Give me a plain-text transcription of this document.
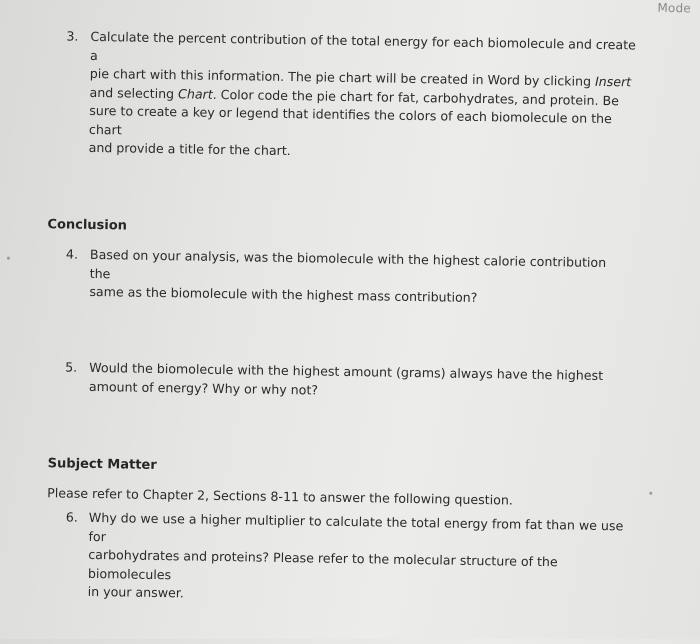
Mode
3. Calculate the percent contribution of the total energy for each biomolecule and create a
pie chart with this information. The pie chart will be created in Word by clicking Insert
and selecting Chart. Color code the pie chart for fat, carbohydrates, and protein. Be
sure to create a key or legend that identifies the colors of each biomolecule on the chart
and provide a title for the chart.
Conclusion
4. Based on your analysis, was the biomolecule with the highest calorie contribution the
same as the biomolecule with the highest mass contribution?
5. Would the biomolecule with the highest amount (grams) always have the highest
amount of energy? Why or why not?
Subject Matter
Please refer to Chapter 2, Sections 8-11 to answer the following question.
6. Why do we use a higher multiplier to calculate the total energy from fat than we use for
carbohydrates and proteins? Please refer to the molecular structure of the biomolecules
in your answer.
